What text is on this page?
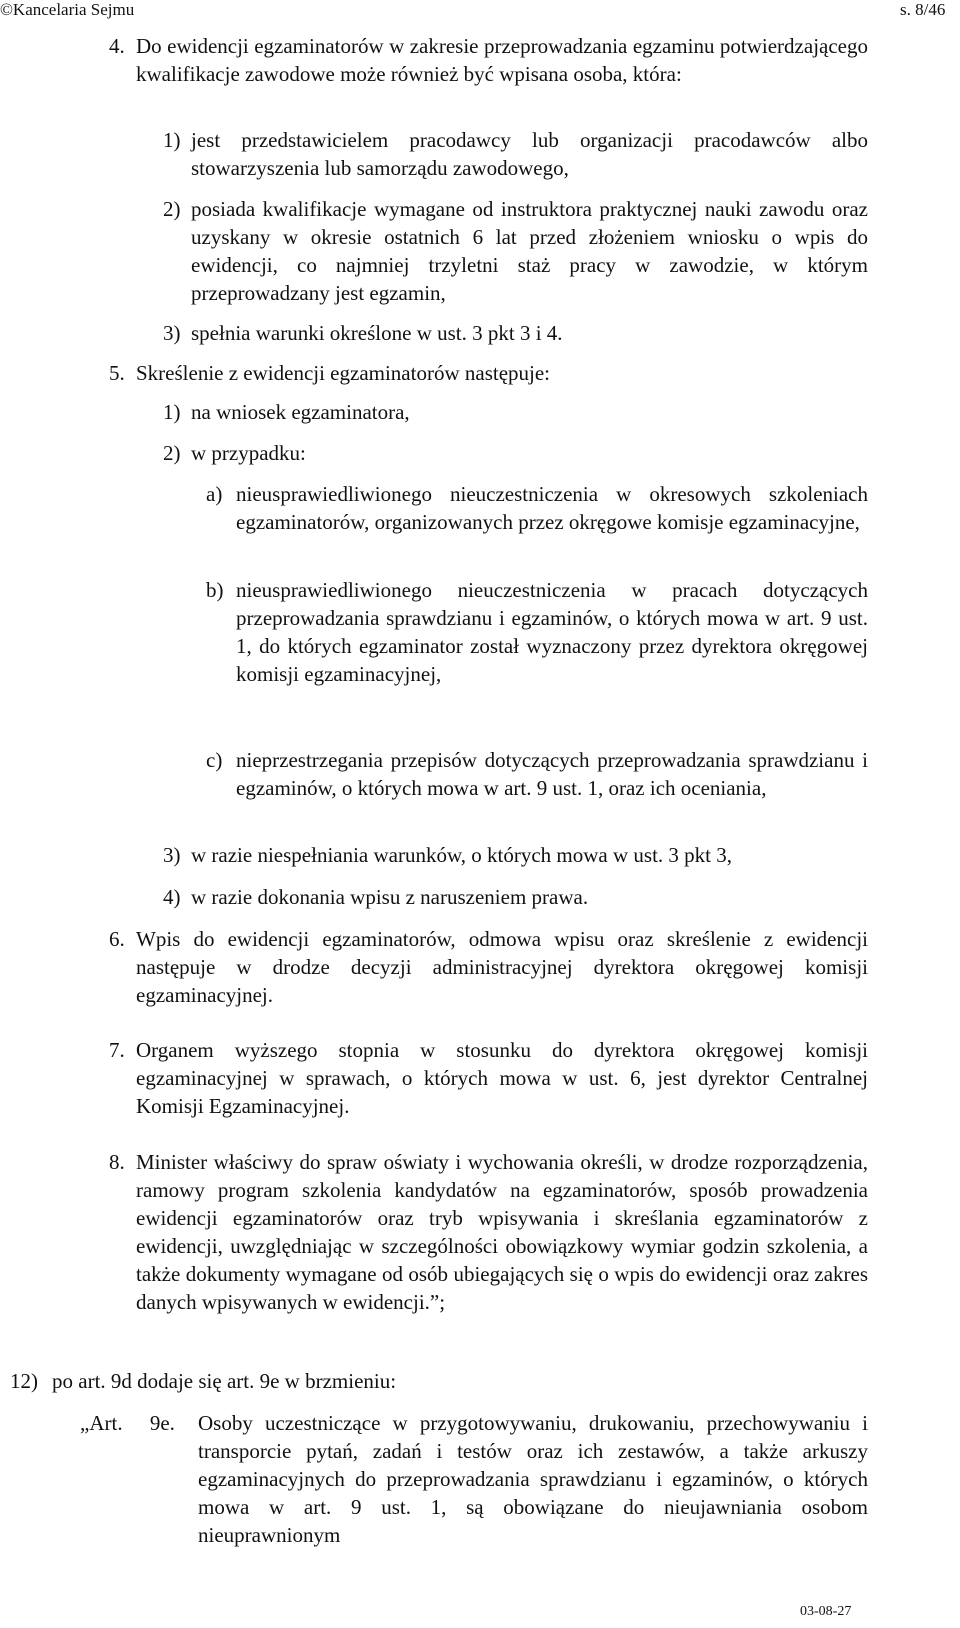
©Kancelaria Sejmu	s. 8/46
4. Do ewidencji egzaminatorów w zakresie przeprowadzania egzaminu potwierdzającego kwalifikacje zawodowe może również być wpisana osoba, która:

1) jest przedstawicielem pracodawcy lub organizacji pracodawców albo stowarzyszenia lub samorządu zawodowego,

2) posiada kwalifikacje wymagane od instruktora praktycznej nauki zawodu oraz uzyskany w okresie ostatnich 6 lat przed złożeniem wniosku o wpis do ewidencji, co najmniej trzyletni staż pracy w zawodzie, w którym przeprowadzany jest egzamin,

3) spełnia warunki określone w ust. 3 pkt 3 i 4.

5. Skreślenie z ewidencji egzaminatorów następuje:

1) na wniosek egzaminatora,

2) w przypadku:

a) nieusprawiedliwionego nieuczestniczenia w okresowych szkoleniach egzaminatorów, organizowanych przez okręgowe komisje egzaminacyjne,

b) nieusprawiedliwionego nieuczestniczenia w pracach dotyczących przeprowadzania sprawdzianu i egzaminów, o których mowa w art. 9 ust. 1, do których egzaminator został wyznaczony przez dyrektora okręgowej komisji egzaminacyjnej,

c) nieprzestrzegania przepisów dotyczących przeprowadzania sprawdzianu i egzaminów, o których mowa w art. 9 ust. 1, oraz ich oceniania,

3) w razie niespełniania warunków, o których mowa w ust. 3 pkt 3,

4) w razie dokonania wpisu z naruszeniem prawa.

6. Wpis do ewidencji egzaminatorów, odmowa wpisu oraz skreślenie z ewidencji następuje w drodze decyzji administracyjnej dyrektora okręgowej komisji egzaminacyjnej.

7. Organem wyższego stopnia w stosunku do dyrektora okręgowej komisji egzaminacyjnej w sprawach, o których mowa w ust. 6, jest dyrektor Centralnej Komisji Egzaminacyjnej.

8. Minister właściwy do spraw oświaty i wychowania określi, w drodze rozporządzenia, ramowy program szkolenia kandydatów na egzaminatorów, sposób prowadzenia ewidencji egzaminatorów oraz tryb wpisywania i skreślania egzaminatorów z ewidencji, uwzględniając w szczególności obowiązkowy wymiar godzin szkolenia, a także dokumenty wymagane od osób ubiegających się o wpis do ewidencji oraz zakres danych wpisywanych w ewidencji.”;

12) po art. 9d dodaje się art. 9e w brzmieniu:

„Art. 9e. Osoby uczestniczące w przygotowywaniu, drukowaniu, przechowywaniu i transporcie pytań, zadań i testów oraz ich zestawów, a także arkuszy egzaminacyjnych do przeprowadzania sprawdzianu i egzaminów, o których mowa w art. 9 ust. 1, są obowiązane do nieujawniania osobom nieuprawnionym

03-08-27
